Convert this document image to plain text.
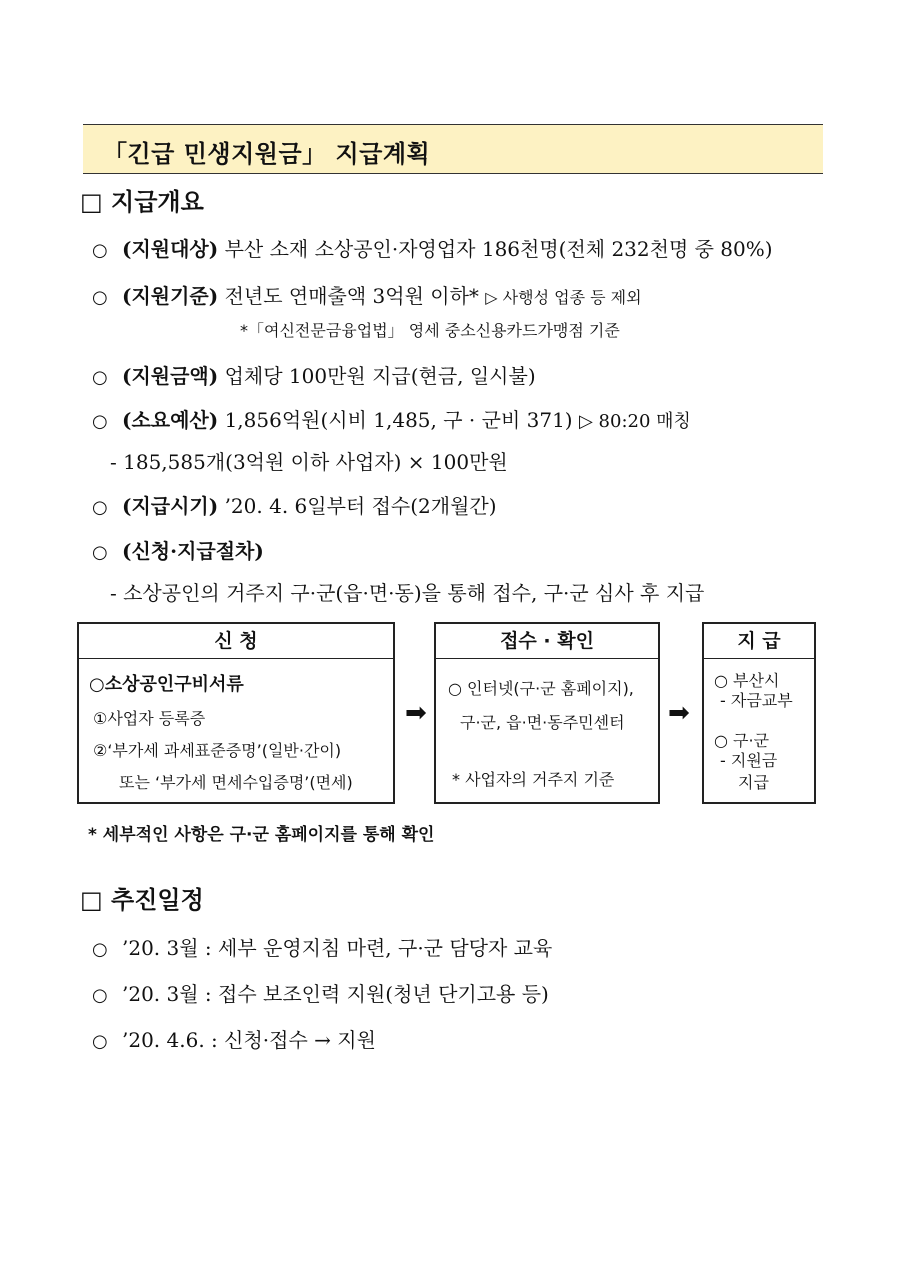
「긴급 민생지원금」 지급계획
□ 지급개요
○ (지원대상) 부산 소재 소상공인·자영업자 186천명(전체 232천명 중 80%)
○ (지원기준) 전년도 연매출액 3억원 이하* ▷ 사행성 업종 등 제외
*「여신전문금융업법」 영세 중소신용카드가맹점 기준
○ (지원금액) 업체당 100만원 지급(현금, 일시불)
○ (소요예산) 1,856억원(시비 1,485, 구 · 군비 371) ▷ 80:20 매칭
- 185,585개(3억원 이하 사업자) × 100만원
○ (지급시기) ’20. 4. 6일부터 접수(2개월간)
○ (신청·지급절차)
- 소상공인의 거주지 구·군(읍·면·동)을 통해 접수, 구·군 심사 후 지급
신 청
○소상공인구비서류
①사업자 등록증
②‘부가세 과세표준증명’(일반·간이)
또는 ‘부가세 면세수입증명’(면세)
➡
접수 · 확인
○ 인터넷(구·군 홈페이지),
구·군, 읍·면·동주민센터
* 사업자의 거주지 기준
➡
지 급
○ 부산시
- 자금교부
○ 구·군
- 지원금
지급
* 세부적인 사항은 구·군 홈페이지를 통해 확인
□ 추진일정
○ ’20. 3월 : 세부 운영지침 마련, 구·군 담당자 교육
○ ’20. 3월 : 접수 보조인력 지원(청년 단기고용 등)
○ ’20. 4.6. : 신청·접수 → 지원
